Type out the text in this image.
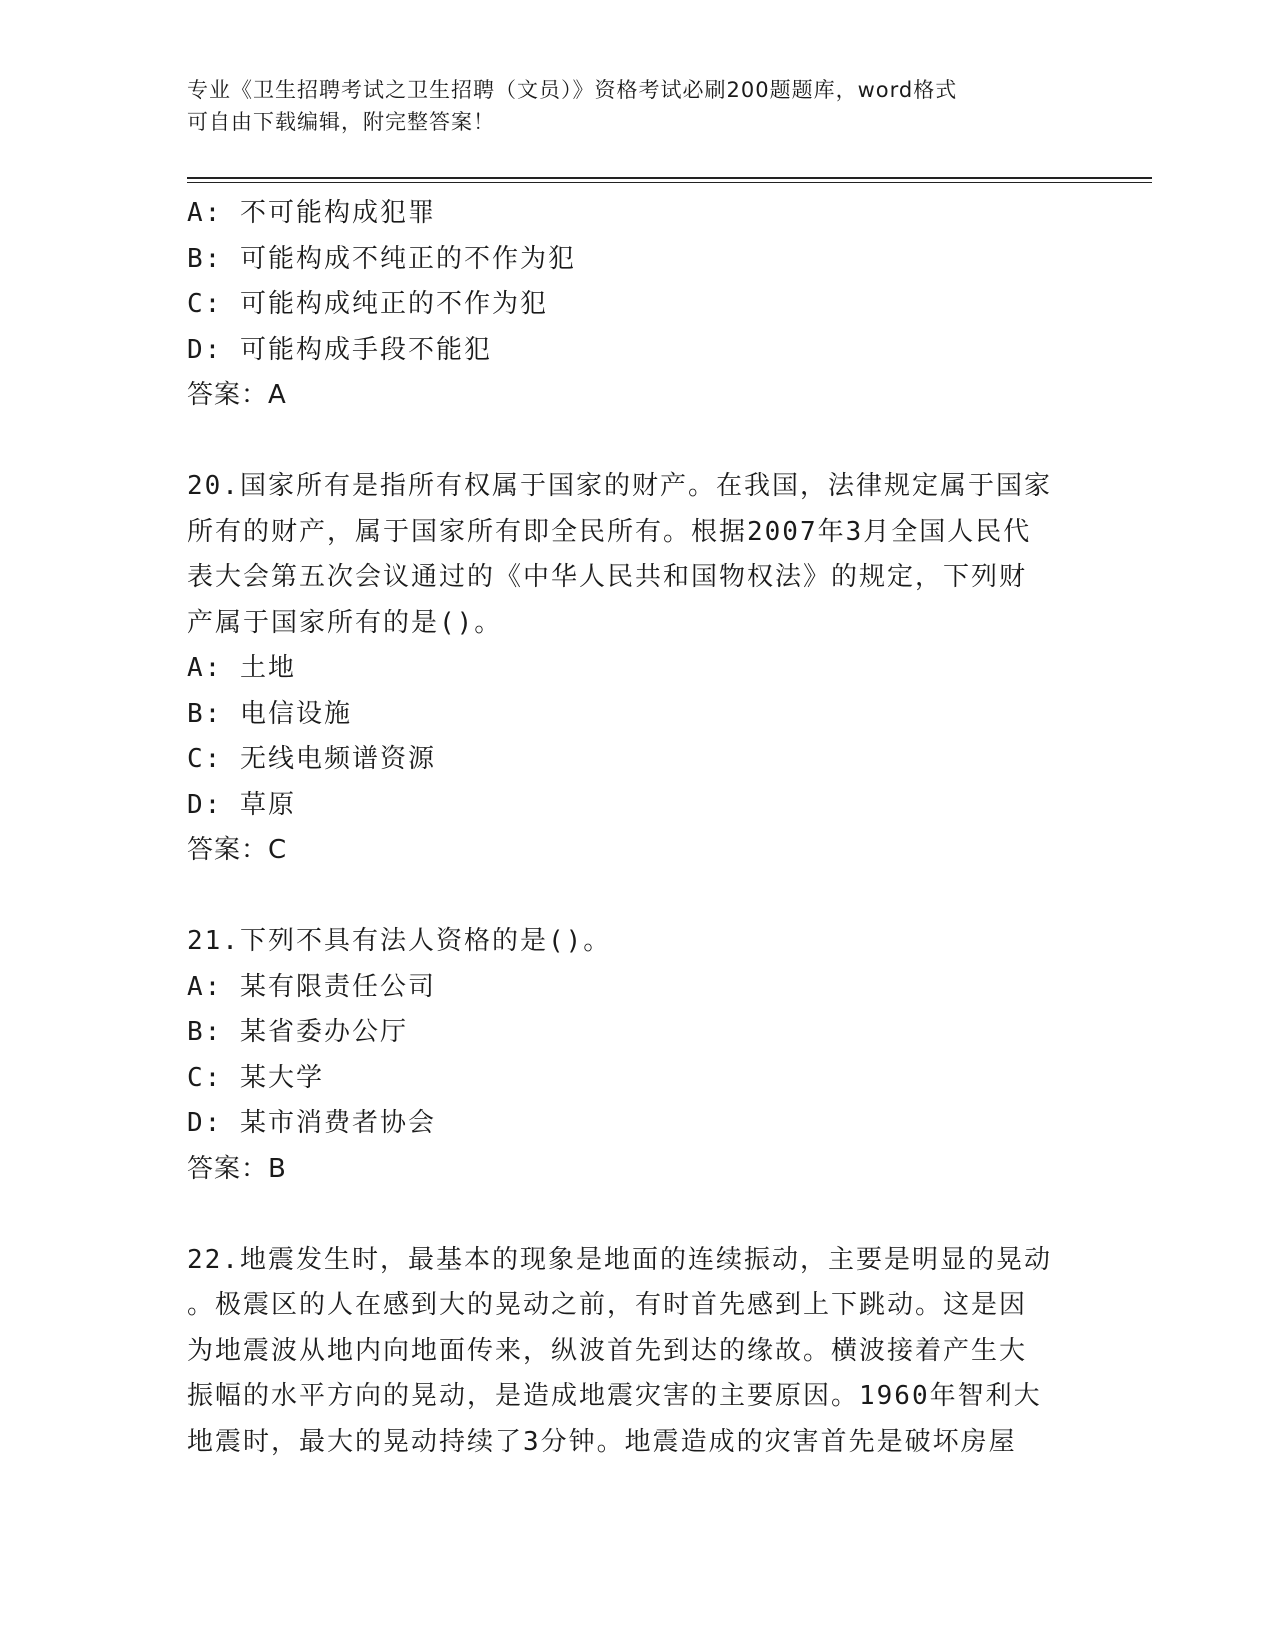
专业《卫生招聘考试之卫生招聘（文员）》资格考试必刷200题题库，word格式
可自由下载编辑，附完整答案！
A: 不可能构成犯罪
B: 可能构成不纯正的不作为犯
C: 可能构成纯正的不作为犯
D: 可能构成手段不能犯
答案：A
20.国家所有是指所有权属于国家的财产。在我国，法律规定属于国家
所有的财产，属于国家所有即全民所有。根据2007年3月全国人民代
表大会第五次会议通过的《中华人民共和国物权法》的规定，下列财
产属于国家所有的是()。
A: 土地
B: 电信设施
C: 无线电频谱资源
D: 草原
答案：C
21.下列不具有法人资格的是()。
A: 某有限责任公司
B: 某省委办公厅
C: 某大学
D: 某市消费者协会
答案：B
22.地震发生时，最基本的现象是地面的连续振动，主要是明显的晃动
。极震区的人在感到大的晃动之前，有时首先感到上下跳动。这是因
为地震波从地内向地面传来，纵波首先到达的缘故。横波接着产生大
振幅的水平方向的晃动，是造成地震灾害的主要原因。1960年智利大
地震时，最大的晃动持续了3分钟。地震造成的灾害首先是破坏房屋
